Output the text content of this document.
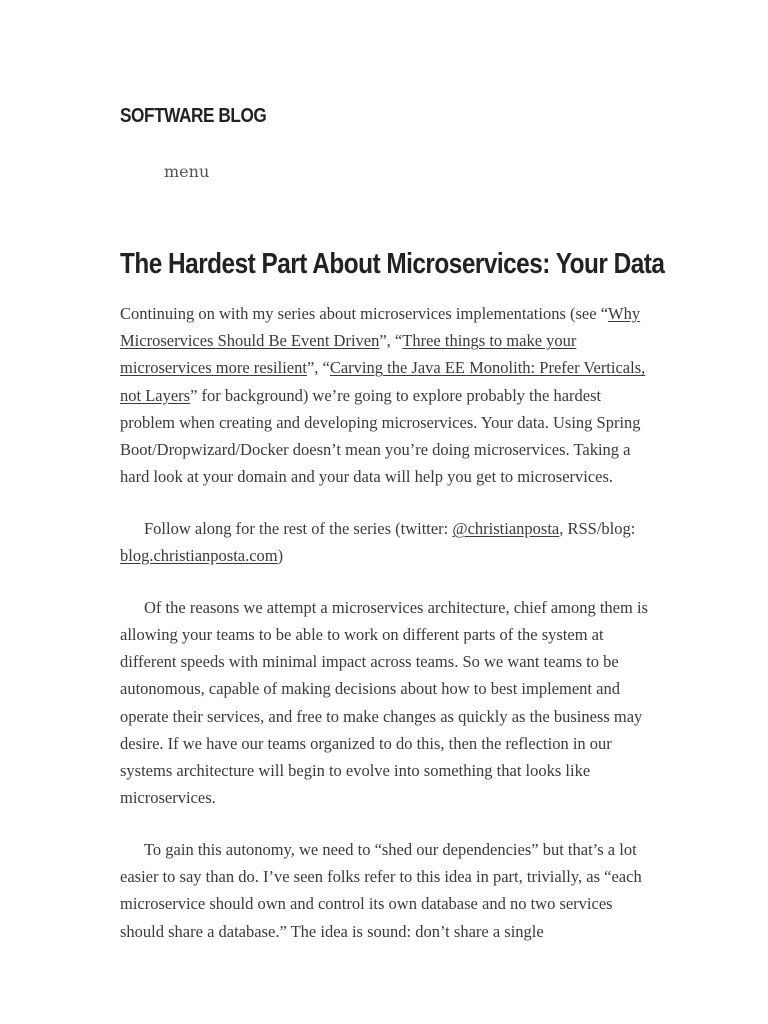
SOFTWARE BLOG
menu
The Hardest Part About Microservices: Your Data

Continuing on with my series about microservices implementations (see “Why Microservices Should Be Event Driven”, “Three things to make your microservices more resilient”, “Carving the Java EE Monolith: Prefer Verticals, not Layers” for background) we’re going to explore probably the hardest problem when creating and developing microservices. Your data. Using Spring Boot/Dropwizard/Docker doesn’t mean you’re doing microservices. Taking a hard look at your domain and your data will help you get to microservices.

Follow along for the rest of the series (twitter: @christianposta, RSS/blog: blog.christianposta.com)

Of the reasons we attempt a microservices architecture, chief among them is allowing your teams to be able to work on different parts of the system at different speeds with minimal impact across teams. So we want teams to be autonomous, capable of making decisions about how to best implement and operate their services, and free to make changes as quickly as the business may desire. If we have our teams organized to do this, then the reflection in our systems architecture will begin to evolve into something that looks like microservices.

To gain this autonomy, we need to “shed our dependencies” but that’s a lot easier to say than do. I’ve seen folks refer to this idea in part, trivially, as “each microservice should own and control its own database and no two services should share a database.” The idea is sound: don’t share a single
